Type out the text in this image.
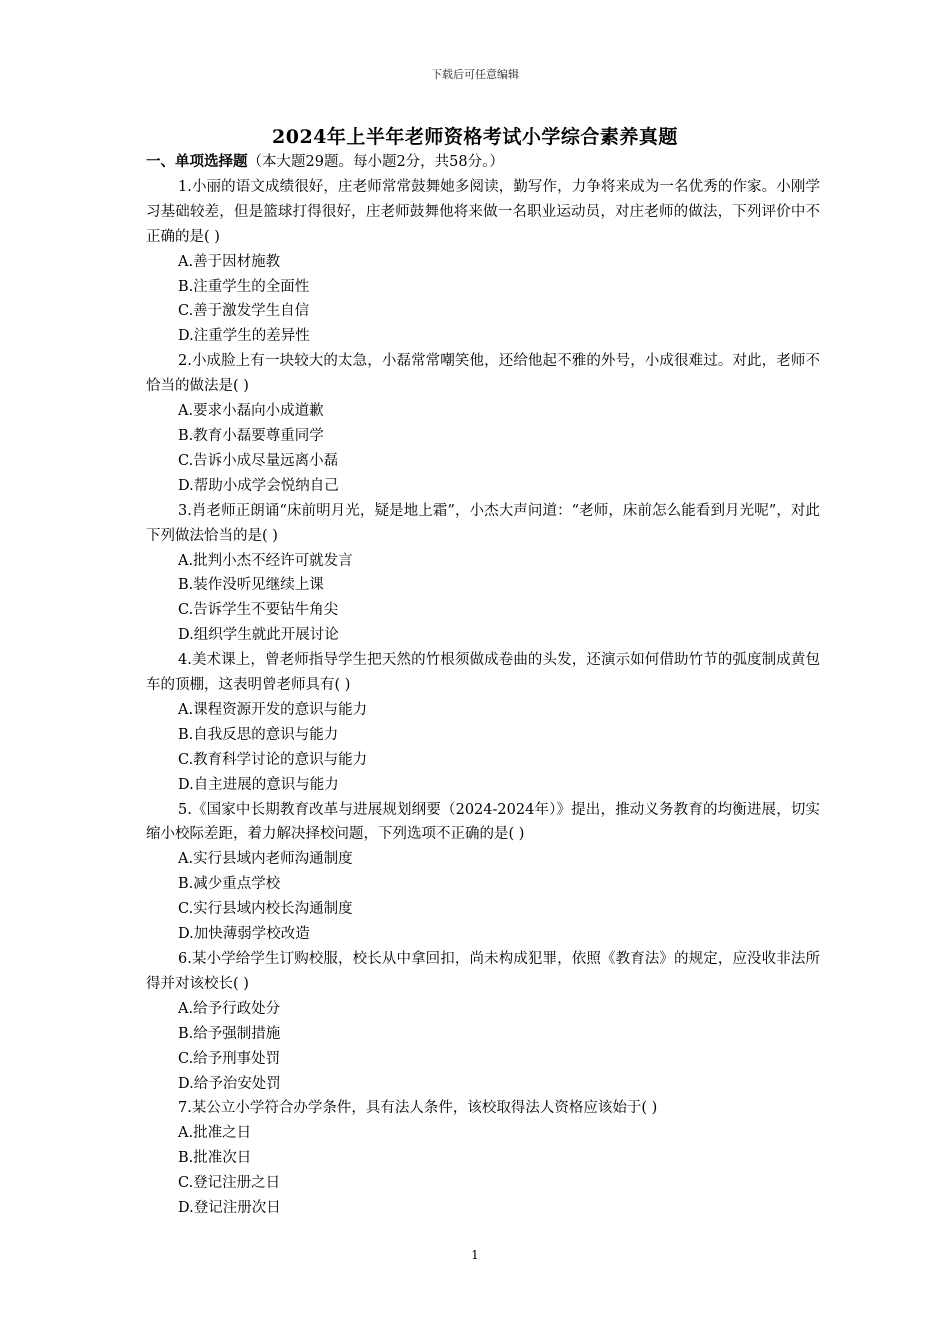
下载后可任意编辑
2024年上半年老师资格考试小学综合素养真题

一、单项选择题（本大题29题。每小题2分，共58分。）

1.小丽的语文成绩很好，庄老师常常鼓舞她多阅读，勤写作，力争将来成为一名优秀的作家。小刚学习基础较差，但是篮球打得很好，庄老师鼓舞他将来做一名职业运动员，对庄老师的做法，下列评价中不正确的是( )

A.善于因材施教

B.注重学生的全面性

C.善于激发学生自信

D.注重学生的差异性

2.小成脸上有一块较大的太急，小磊常常嘲笑他，还给他起不雅的外号，小成很难过。对此，老师不恰当的做法是( )

A.要求小磊向小成道歉

B.教育小磊要尊重同学

C.告诉小成尽量远离小磊

D.帮助小成学会悦纳自己

3.肖老师正朗诵“床前明月光，疑是地上霜”，小杰大声问道：“老师，床前怎么能看到月光呢”，对此下列做法恰当的是( )

A.批判小杰不经许可就发言

B.装作没听见继续上课

C.告诉学生不要钻牛角尖

D.组织学生就此开展讨论

4.美术课上，曾老师指导学生把天然的竹根须做成卷曲的头发，还演示如何借助竹节的弧度制成黄包车的顶棚，这表明曾老师具有( )

A.课程资源开发的意识与能力

B.自我反思的意识与能力

C.教育科学讨论的意识与能力

D.自主进展的意识与能力

5.《国家中长期教育改革与进展规划纲要（2024-2024年）》提出，推动义务教育的均衡进展，切实缩小校际差距，着力解决择校问题，下列选项不正确的是( )

A.实行县域内老师沟通制度

B.减少重点学校

C.实行县域内校长沟通制度

D.加快薄弱学校改造

6.某小学给学生订购校服，校长从中拿回扣，尚未构成犯罪，依照《教育法》的规定，应没收非法所得并对该校长( )

A.给予行政处分

B.给予强制措施

C.给予刑事处罚

D.给予治安处罚

7.某公立小学符合办学条件，具有法人条件，该校取得法人资格应该始于( )

A.批准之日

B.批准次日

C.登记注册之日

D.登记注册次日

1
